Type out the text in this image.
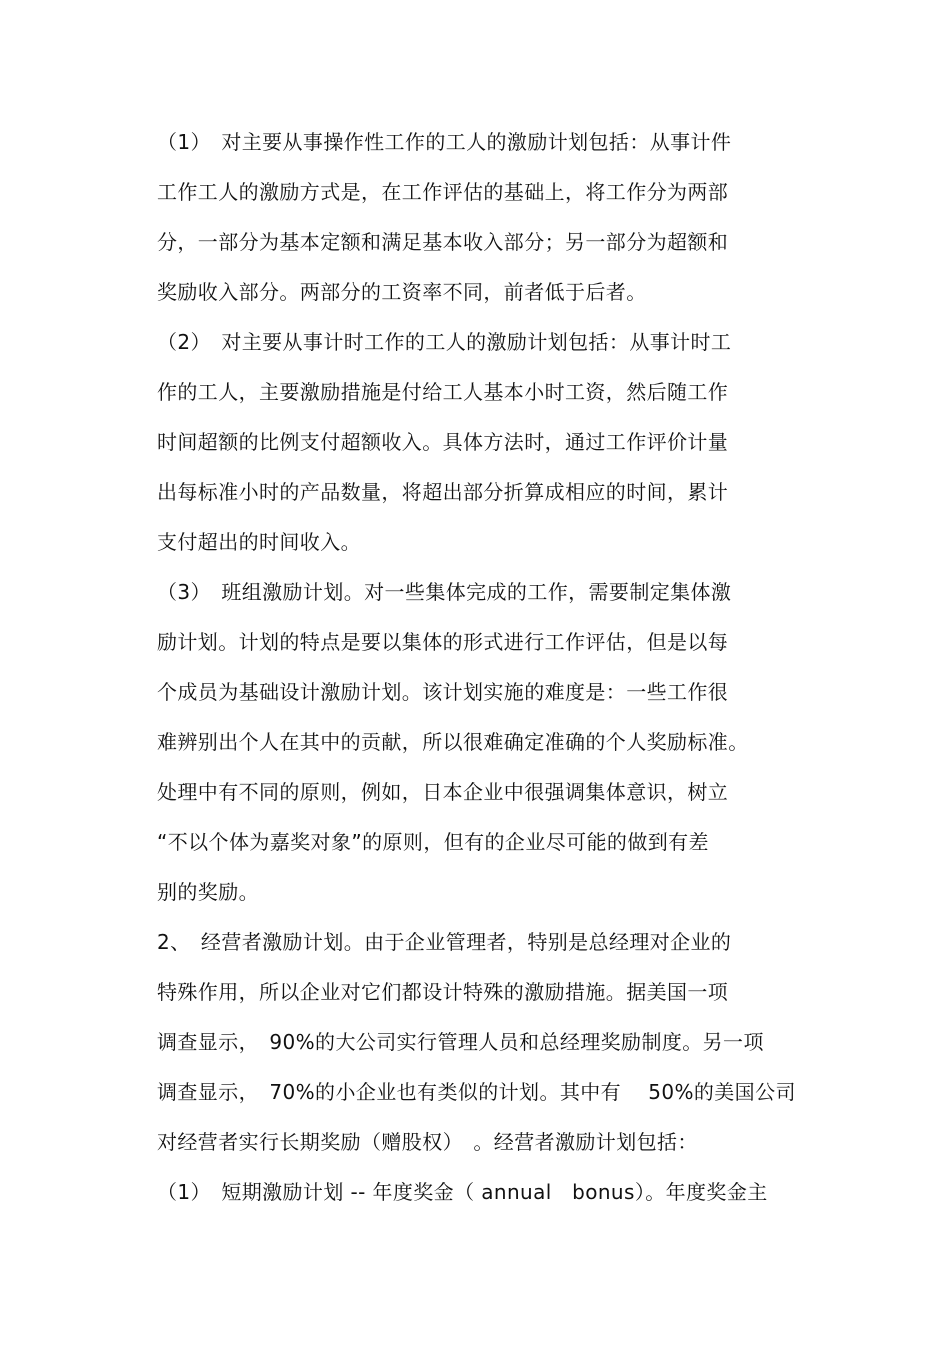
（1）　对主要从事操作性工作的工人的激励计划包括：从事计件
工作工人的激励方式是，在工作评估的基础上，将工作分为两部
分，一部分为基本定额和满足基本收入部分；另一部分为超额和
奖励收入部分。两部分的工资率不同，前者低于后者。
（2）　对主要从事计时工作的工人的激励计划包括：从事计时工
作的工人，主要激励措施是付给工人基本小时工资，然后随工作
时间超额的比例支付超额收入。具体方法时，通过工作评价计量
出每标准小时的产品数量，将超出部分折算成相应的时间，累计
支付超出的时间收入。
（3）　班组激励计划。对一些集体完成的工作，需要制定集体激
励计划。计划的特点是要以集体的形式进行工作评估，但是以每
个成员为基础设计激励计划。该计划实施的难度是：一些工作很
难辨别出个人在其中的贡献，所以很难确定准确的个人奖励标准。
处理中有不同的原则，例如，日本企业中很强调集体意识，树立
“不以个体为嘉奖对象”的原则，但有的企业尽可能的做到有差
别的奖励。
2、　经营者激励计划。由于企业管理者，特别是总经理对企业的
特殊作用，所以企业对它们都设计特殊的激励措施。据美国一项
调查显示，　90%的大公司实行管理人员和总经理奖励制度。另一项
调查显示，　70%的小企业也有类似的计划。其中有　 50%的美国公司
对经营者实行长期奖励（赠股权）　。经营者激励计划包括：
（1）　短期激励计划 -- 年度奖金（ annual　bonus）。年度奖金主
